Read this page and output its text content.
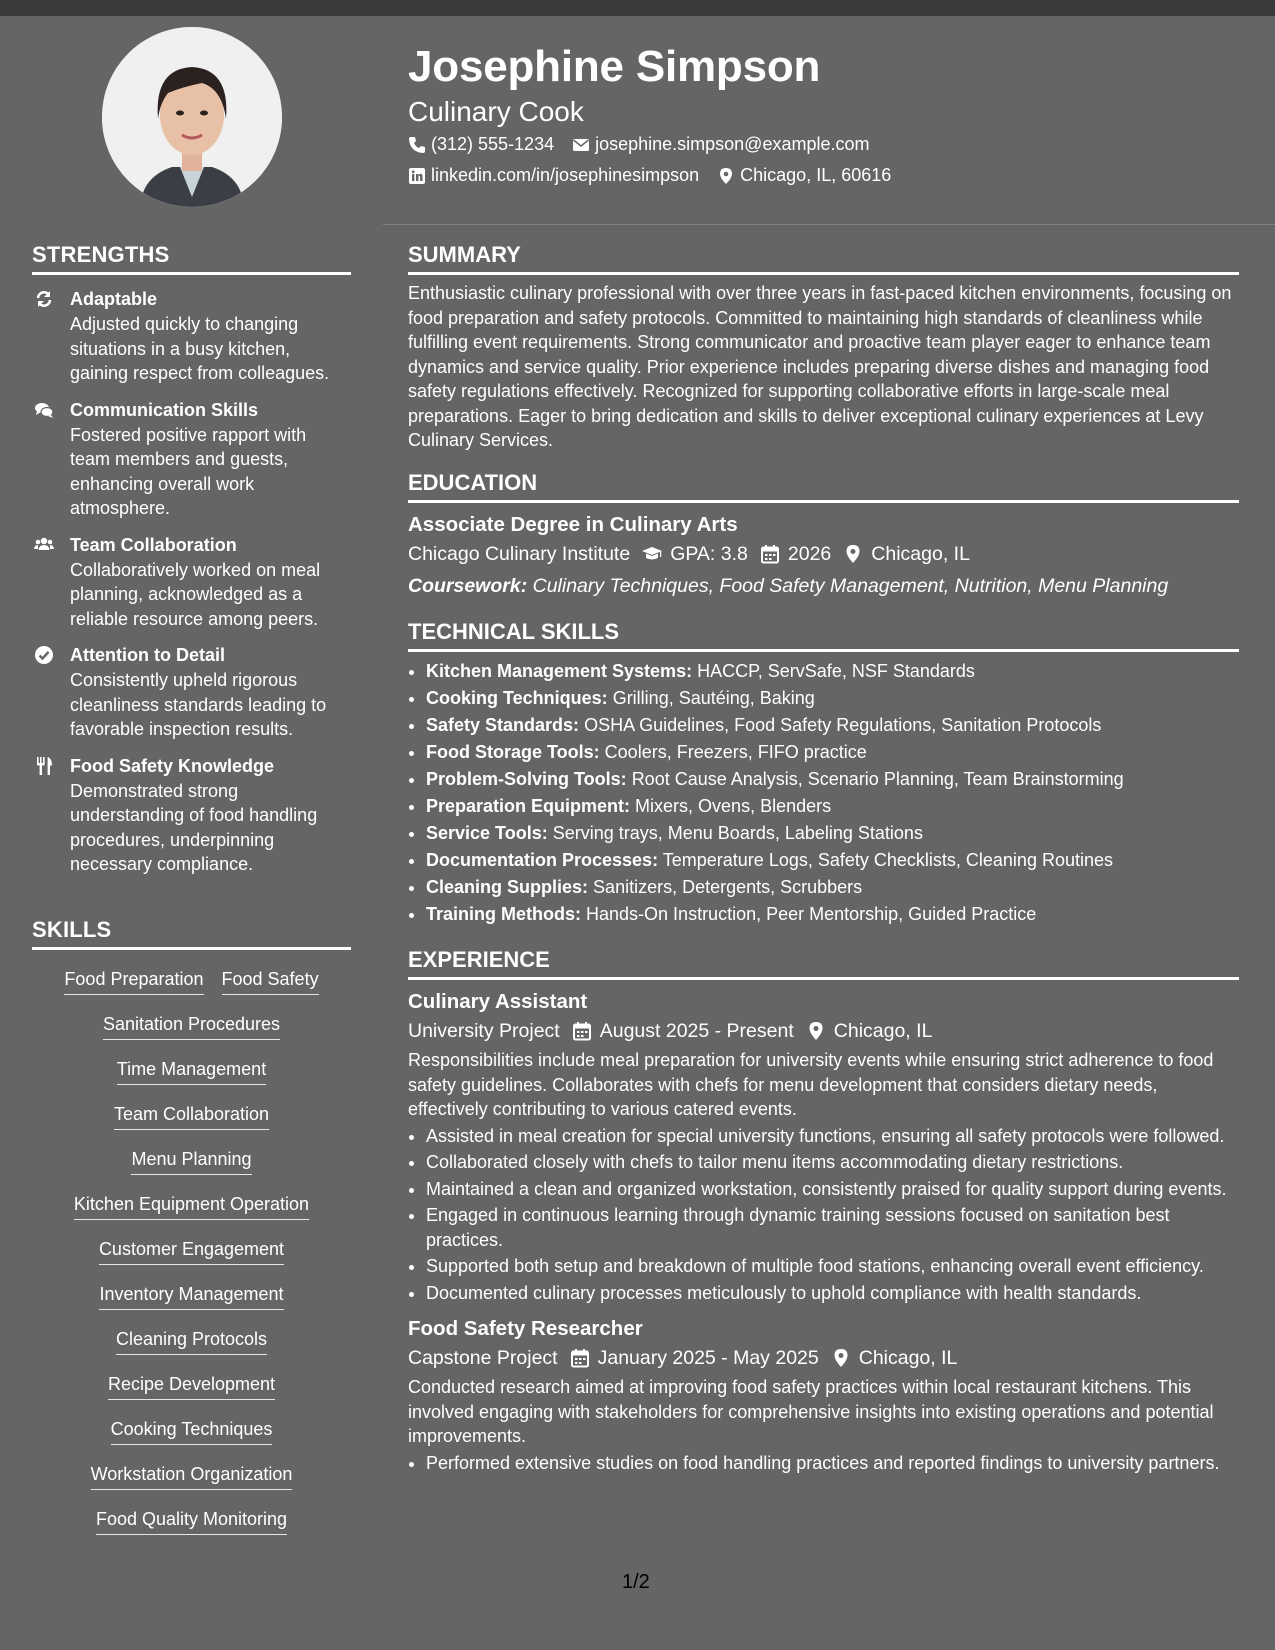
STRENGTHS
Adaptable
Adjusted quickly to changing situations in a busy kitchen, gaining respect from colleagues.
Communication Skills
Fostered positive rapport with team members and guests, enhancing overall work atmosphere.
Team Collaboration
Collaboratively worked on meal planning, acknowledged as a reliable resource among peers.
Attention to Detail
Consistently upheld rigorous cleanliness standards leading to favorable inspection results.
Food Safety Knowledge
Demonstrated strong understanding of food handling procedures, underpinning necessary compliance.
SKILLS
Food Preparation Food Safety
Sanitation Procedures
Time Management
Team Collaboration
Menu Planning
Kitchen Equipment Operation
Customer Engagement
Inventory Management
Cleaning Protocols
Recipe Development
Cooking Techniques
Workstation Organization
Food Quality Monitoring
Josephine Simpson
Culinary Cook
(312) 555-1234 josephine.simpson@example.com
linkedin.com/in/josephinesimpson Chicago, IL, 60616
SUMMARY
Enthusiastic culinary professional with over three years in fast-paced kitchen environments, focusing on food preparation and safety protocols. Committed to maintaining high standards of cleanliness while fulfilling event requirements. Strong communicator and proactive team player eager to enhance team dynamics and service quality. Prior experience includes preparing diverse dishes and managing food safety regulations effectively. Recognized for supporting collaborative efforts in large-scale meal preparations. Eager to bring dedication and skills to deliver exceptional culinary experiences at Levy Culinary Services.
EDUCATION
Associate Degree in Culinary Arts
Chicago Culinary Institute GPA: 3.8 2026 Chicago, IL
Coursework: Culinary Techniques, Food Safety Management, Nutrition, Menu Planning
TECHNICAL SKILLS
• Kitchen Management Systems: HACCP, ServSafe, NSF Standards
• Cooking Techniques: Grilling, Sautéing, Baking
• Safety Standards: OSHA Guidelines, Food Safety Regulations, Sanitation Protocols
• Food Storage Tools: Coolers, Freezers, FIFO practice
• Problem-Solving Tools: Root Cause Analysis, Scenario Planning, Team Brainstorming
• Preparation Equipment: Mixers, Ovens, Blenders
• Service Tools: Serving trays, Menu Boards, Labeling Stations
• Documentation Processes: Temperature Logs, Safety Checklists, Cleaning Routines
• Cleaning Supplies: Sanitizers, Detergents, Scrubbers
• Training Methods: Hands-On Instruction, Peer Mentorship, Guided Practice
EXPERIENCE
Culinary Assistant
University Project August 2025 - Present Chicago, IL
Responsibilities include meal preparation for university events while ensuring strict adherence to food safety guidelines. Collaborates with chefs for menu development that considers dietary needs, effectively contributing to various catered events.
• Assisted in meal creation for special university functions, ensuring all safety protocols were followed.
• Collaborated closely with chefs to tailor menu items accommodating dietary restrictions.
• Maintained a clean and organized workstation, consistently praised for quality support during events.
• Engaged in continuous learning through dynamic training sessions focused on sanitation best practices.
• Supported both setup and breakdown of multiple food stations, enhancing overall event efficiency.
• Documented culinary processes meticulously to uphold compliance with health standards.
Food Safety Researcher
Capstone Project January 2025 - May 2025 Chicago, IL
Conducted research aimed at improving food safety practices within local restaurant kitchens. This involved engaging with stakeholders for comprehensive insights into existing operations and potential improvements.
• Performed extensive studies on food handling practices and reported findings to university partners.
1/2
